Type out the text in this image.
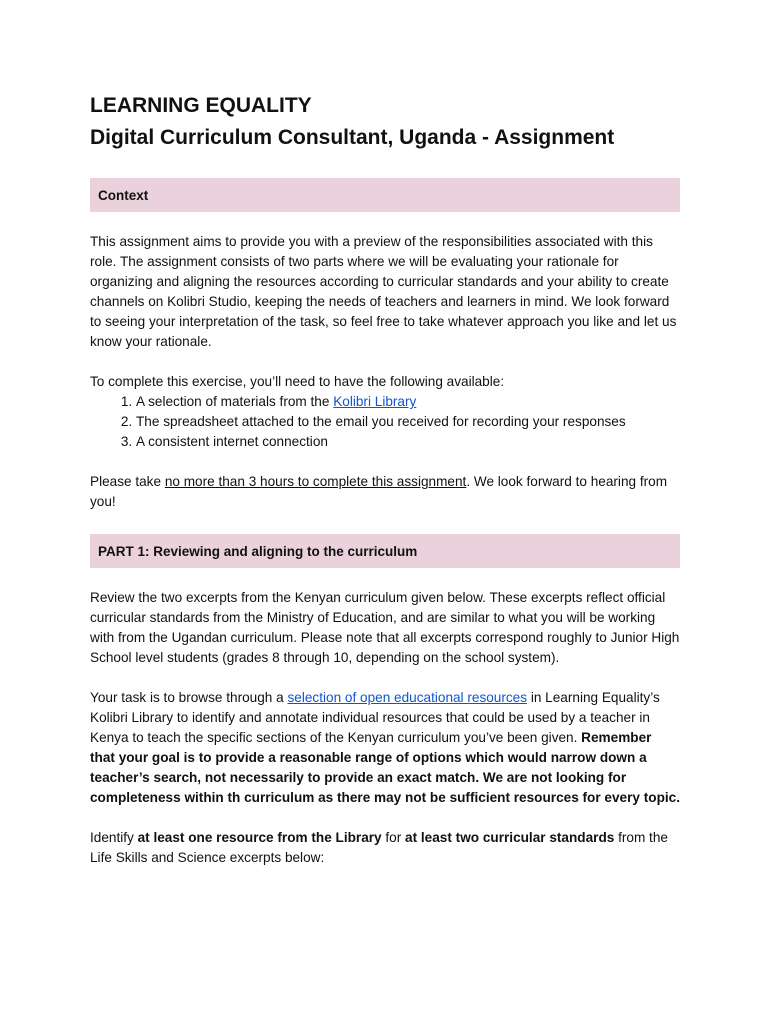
LEARNING EQUALITY
Digital Curriculum Consultant, Uganda - Assignment
Context

This assignment aims to provide you with a preview of the responsibilities associated with this role. The assignment consists of two parts where we will be evaluating your rationale for organizing and aligning the resources according to curricular standards and your ability to create channels on Kolibri Studio, keeping the needs of teachers and learners in mind. We look forward to seeing your interpretation of the task, so feel free to take whatever approach you like and let us know your rationale.

To complete this exercise, you’ll need to have the following available:

1. A selection of materials from the Kolibri Library
2. The spreadsheet attached to the email you received for recording your responses
3. A consistent internet connection

Please take no more than 3 hours to complete this assignment. We look forward to hearing from you!

PART 1: Reviewing and aligning to the curriculum

Review the two excerpts from the Kenyan curriculum given below. These excerpts reflect official curricular standards from the Ministry of Education, and are similar to what you will be working with from the Ugandan curriculum. Please note that all excerpts correspond roughly to Junior High School level students (grades 8 through 10, depending on the school system).

Your task is to browse through a selection of open educational resources in Learning Equality’s Kolibri Library to identify and annotate individual resources that could be used by a teacher in Kenya to teach the specific sections of the Kenyan curriculum you’ve been given. Remember that your goal is to provide a reasonable range of options which would narrow down a teacher’s search, not necessarily to provide an exact match. We are not looking for completeness within th curriculum as there may not be sufficient resources for every topic.

Identify at least one resource from the Library for at least two curricular standards from the Life Skills and Science excerpts below:
